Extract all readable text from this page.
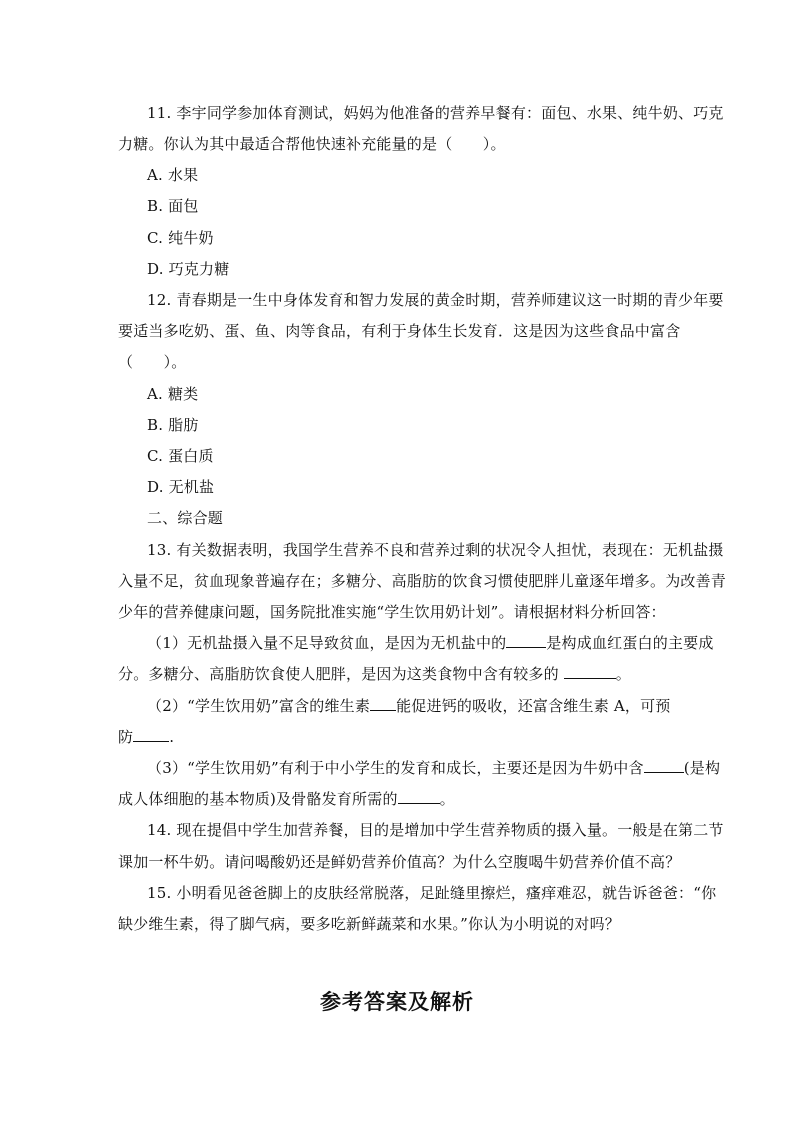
11. 李宇同学参加体育测试，妈妈为他准备的营养早餐有：面包、水果、纯牛奶、巧克
力糖。你认为其中最适合帮他快速补充能量的是（　　）。
A. 水果
B. 面包
C. 纯牛奶
D. 巧克力糖
12. 青春期是一生中身体发育和智力发展的黄金时期，营养师建议这一时期的青少年要
要适当多吃奶、蛋、鱼、肉等食品，有利于身体生长发育．这是因为这些食品中富含
（　　）。
A. 糖类
B. 脂肪
C. 蛋白质
D. 无机盐
二、综合题
13. 有关数据表明，我国学生营养不良和营养过剩的状况令人担忧，表现在：无机盐摄
入量不足，贫血现象普遍存在；多糖分、高脂肪的饮食习惯使肥胖儿童逐年增多。为改善青
少年的营养健康问题，国务院批准实施“学生饮用奶计划”。请根据材料分析回答：
（1）无机盐摄入量不足导致贫血，是因为无机盐中的	是构成血红蛋白的主要成
分。多糖分、高脂肪饮食使人肥胖，是因为这类食物中含有较多的	。
（2）“学生饮用奶”富含的维生素 能促进钙的吸收，还富含维生素 A，可预
防 .
（3）“学生饮用奶”有利于中小学生的发育和成长，主要还是因为牛奶中含	(是构
成人体细胞的基本物质)及骨骼发育所需的	。
14. 现在提倡中学生加营养餐，目的是增加中学生营养物质的摄入量。一般是在第二节
课加一杯牛奶。请问喝酸奶还是鲜奶营养价值高？为什么空腹喝牛奶营养价值不高？
15. 小明看见爸爸脚上的皮肤经常脱落，足趾缝里擦烂，瘙痒难忍，就告诉爸爸：“你
缺少维生素，得了脚气病，要多吃新鲜蔬菜和水果。”你认为小明说的对吗？
参考答案及解析
